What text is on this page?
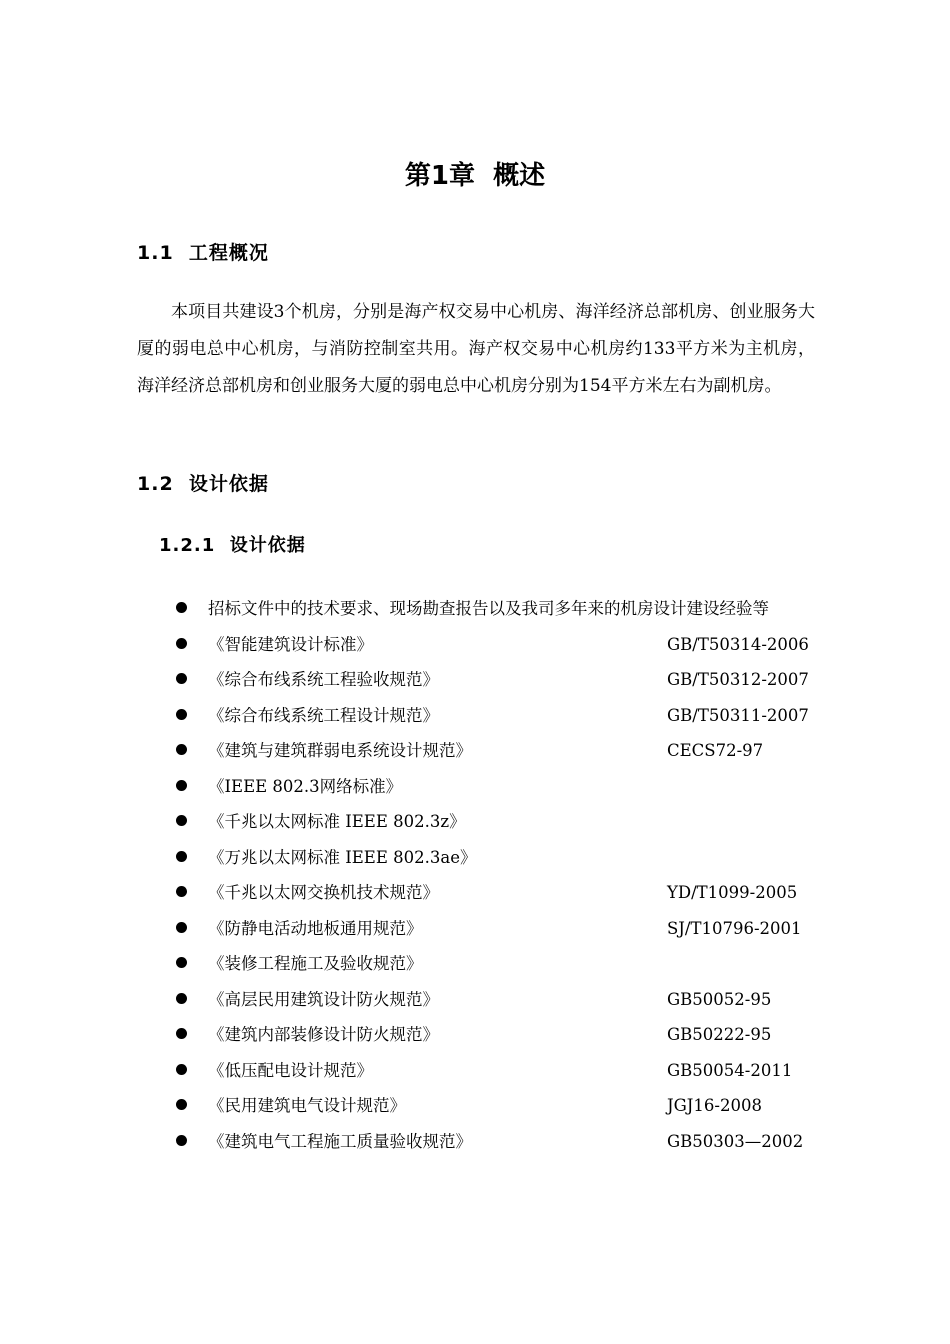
第1章  概述
1.1  工程概况

本项目共建设3个机房，分别是海产权交易中心机房、海洋经济总部机房、创业服务大厦的弱电总中心机房，与消防控制室共用。海产权交易中心机房约133平方米为主机房，海洋经济总部机房和创业服务大厦的弱电总中心机房分别为154平方米左右为副机房。

1.2  设计依据
1.2.1  设计依据
招标文件中的技术要求、现场勘查报告以及我司多年来的机房设计建设经验等
《智能建筑设计标准》	GB/T50314-2006
《综合布线系统工程验收规范》	GB/T50312-2007
《综合布线系统工程设计规范》	GB/T50311-2007
《建筑与建筑群弱电系统设计规范》	CECS72-97
《IEEE 802.3网络标准》
《千兆以太网标准 IEEE 802.3z》
《万兆以太网标准 IEEE 802.3ae》
《千兆以太网交换机技术规范》	YD/T1099-2005
《防静电活动地板通用规范》	SJ/T10796-2001
《装修工程施工及验收规范》
《高层民用建筑设计防火规范》	GB50052-95
《建筑内部装修设计防火规范》	GB50222-95
《低压配电设计规范》	GB50054-2011
《民用建筑电气设计规范》	JGJ16-2008
《建筑电气工程施工质量验收规范》	GB50303—2002
